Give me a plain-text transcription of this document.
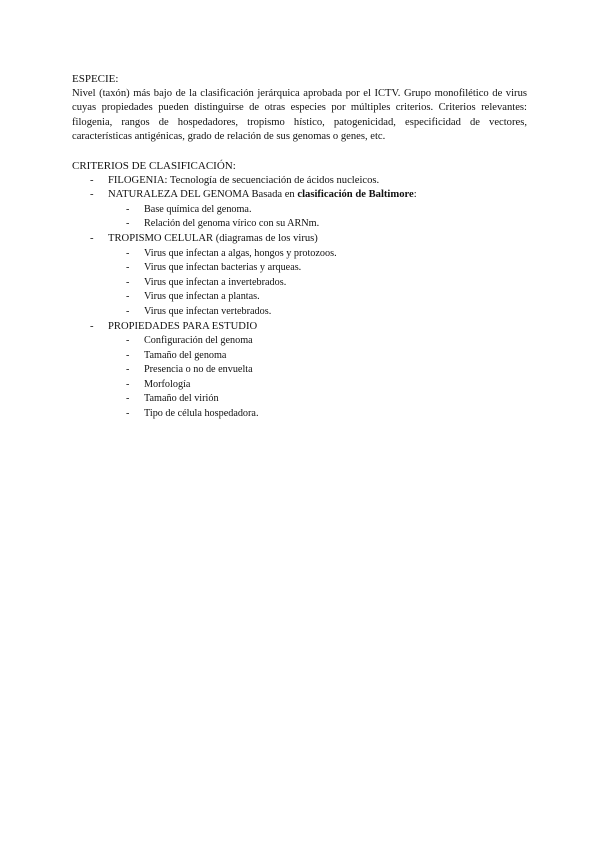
ESPECIE:

Nivel (taxón) más bajo de la clasificación jerárquica aprobada por el ICTV. Grupo monofilético de virus cuyas propiedades pueden distinguirse de otras especies por múltiples criterios. Criterios relevantes: filogenia, rangos de hospedadores, tropismo hístico, patogenicidad, especificidad de vectores, características antigénicas, grado de relación de sus genomas o genes, etc.

CRITERIOS DE CLASIFICACIÓN:

- FILOGENIA: Tecnología de secuenciación de ácidos nucleicos.
- NATURALEZA DEL GENOMA Basada en clasificación de Baltimore:
- Base química del genoma.
- Relación del genoma vírico con su ARNm.
- TROPISMO CELULAR (diagramas de los virus)
- Virus que infectan a algas, hongos y protozoos.
- Virus que infectan bacterias y arqueas.
- Virus que infectan a invertebrados.
- Virus que infectan a plantas.
- Virus que infectan vertebrados.
- PROPIEDADES PARA ESTUDIO
- Configuración del genoma
- Tamaño del genoma
- Presencia o no de envuelta
- Morfología
- Tamaño del virión
- Tipo de célula hospedadora.
